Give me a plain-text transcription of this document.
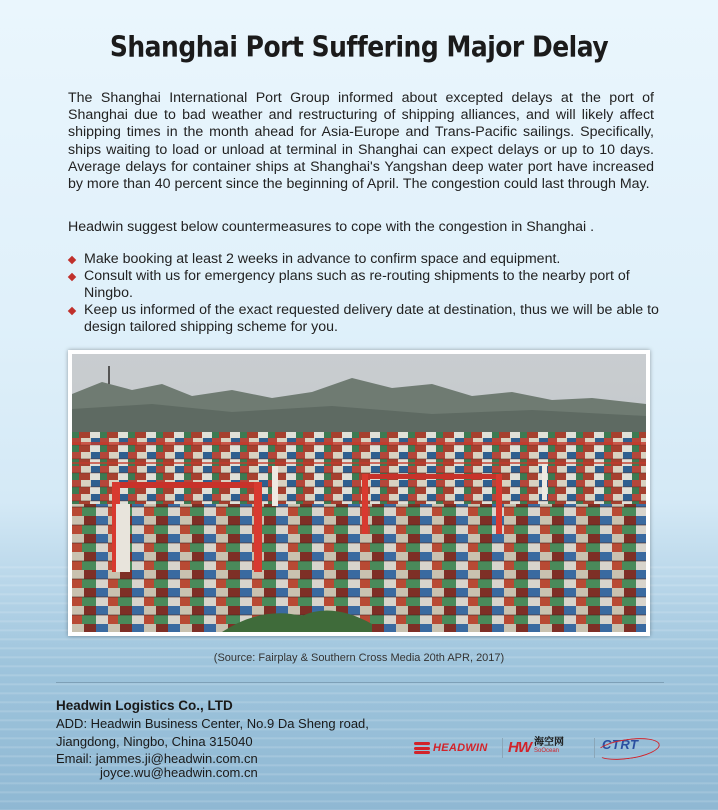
Shanghai Port Suffering Major Delay
The Shanghai International Port Group informed about excepted delays at the port of Shanghai due to bad weather and restructuring of shipping alliances, and will likely affect shipping times in the month ahead for Asia-Europe and Trans-Pacific sailings. Specifically, ships waiting to load or unload at terminal in Shanghai can expect delays or up to 10 days. Average delays for container ships at Shanghai's Yangshan deep water port have increased by more than 40 percent since the beginning of April. The congestion could last through May.
Headwin suggest below countermeasures to cope with the congestion in Shanghai .
Make booking at least 2 weeks in advance to confirm space and equipment.
Consult with us for emergency plans such as re-routing shipments to the nearby port of Ningbo.
Keep us informed of the exact requested delivery date at destination, thus we will be able to design tailored shipping scheme for you.
(Source: Fairplay & Southern Cross Media 20th APR, 2017)
Headwin Logistics Co., LTD
ADD: Headwin Business Center, No.9 Da Sheng road, Jiangdong, Ningbo, China 315040
Email: jammes.ji@headwin.com.cn
joyce.wu@headwin.com.cn
HEADWIN HW 海空网
SoOcean	CTRT
